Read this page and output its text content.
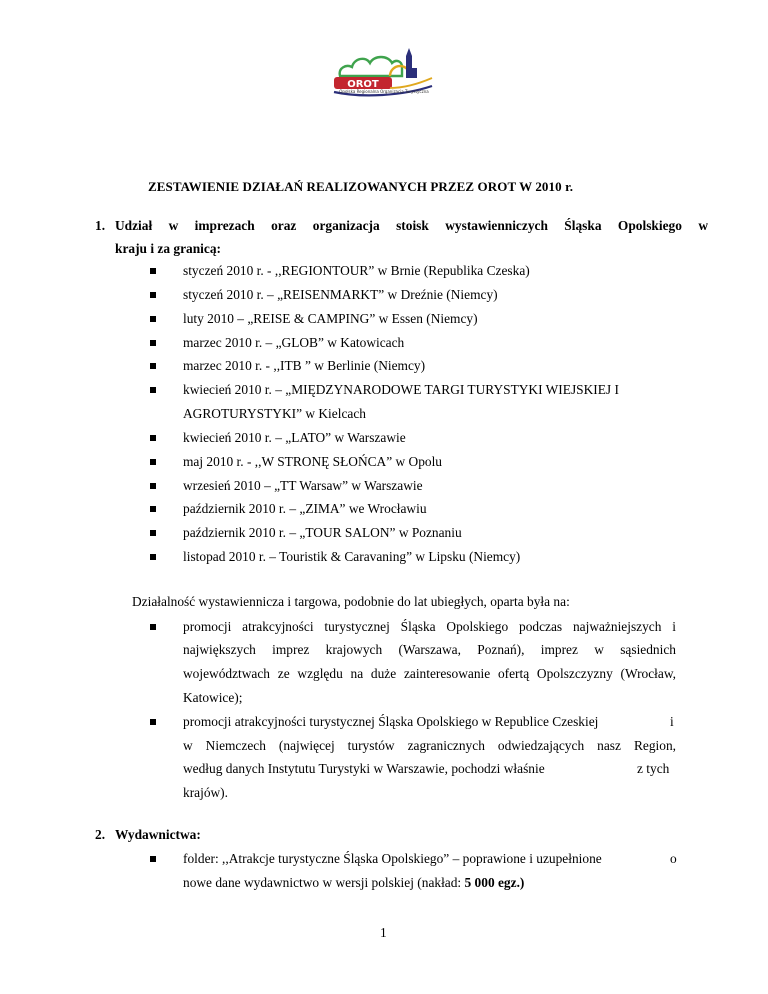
OROT
Opolska Regionalna Organizacja Turystyczna
ZESTAWIENIE DZIAŁAŃ REALIZOWANYCH PRZEZ OROT W 2010 r.
1. Udział w imprezach oraz organizacja stoisk wystawienniczych Śląska Opolskiego w
kraju i za granicą:
styczeń 2010 r. - ,,REGIONTOUR” w Brnie (Republika Czeska)
styczeń 2010 r. – „REISENMARKT” w Dreźnie (Niemcy)
luty 2010 – „REISE & CAMPING” w Essen (Niemcy)
marzec 2010 r. – „GLOB” w Katowicach
marzec 2010 r. - ,,ITB ” w Berlinie (Niemcy)
kwiecień 2010 r. – „MIĘDZYNARODOWE TARGI TURYSTYKI WIEJSKIEJ I
AGROTURYSTYKI” w Kielcach
kwiecień 2010 r. – „LATO” w Warszawie
maj 2010 r. - ,,W STRONĘ SŁOŃCA” w Opolu
wrzesień 2010 – „TT Warsaw” w Warszawie
październik 2010 r. – „ZIMA” we Wrocławiu
październik 2010 r. – „TOUR SALON” w Poznaniu
listopad 2010 r. – Touristik & Caravaning” w Lipsku (Niemcy)
Działalność wystawiennicza i targowa, podobnie do lat ubiegłych, oparta była na:
promocji atrakcyjności turystycznej Śląska Opolskiego podczas najważniejszych i
największych imprez krajowych (Warszawa, Poznań), imprez w sąsiednich
województwach ze względu na duże zainteresowanie ofertą Opolszczyzny (Wrocław,
Katowice);
promocji atrakcyjności turystycznej Śląska Opolskiego w Republice Czeskiej	i
w Niemczech (najwięcej turystów zagranicznych odwiedzających nasz Region,
według danych Instytutu Turystyki w Warszawie, pochodzi właśnie	z tych
krajów).
2. Wydawnictwa:
folder: ,,Atrakcje turystyczne Śląska Opolskiego” – poprawione i uzupełnione	o
nowe dane wydawnictwo w wersji polskiej (nakład: 5 000 egz.)
1
